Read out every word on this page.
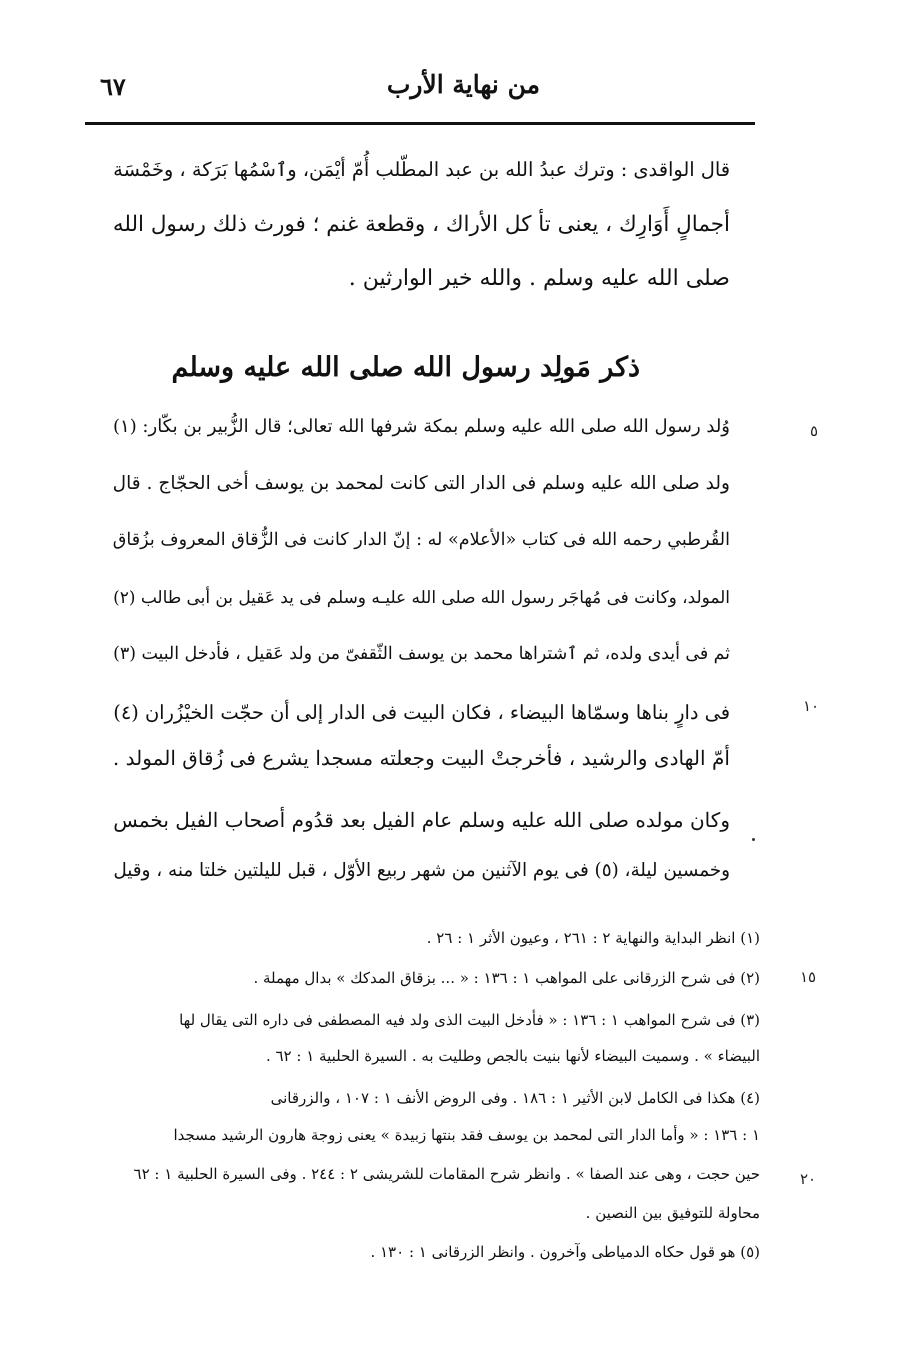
من نهاية الأرب
٦٧
قال الواقدى : وترك عبدُ الله بن عبد المطّلب أُمّ أيْمَن، وٱسْمُها بَرَكة ، وخَمْسَة
أجمالٍ أَوَارِك ، يعنى تأ كل الأراك ، وقطعة غنم ؛ فورث ذلك رسول الله
صلى الله عليه وسلم . والله خير الوارثين .
ذكر مَولِد رسول الله صلى الله عليه وسلم
وُلد رسول الله صلى الله عليه وسلم بمكة شرفها الله تعالى؛ قال الزُّبير بن بكّار: (١)
ولد صلى الله عليه وسلم فى الدار التى كانت لمحمد بن يوسف أخى الحجّاج . قال
القُرطبي رحمه الله فى كتاب «الأعلام» له : إنّ الدار كانت فى الزُّقاق المعروف بزُقاق
المولد، وكانت فى مُهاجَر رسول الله صلى الله عليـه وسلم فى يد عَقيل بن أبى طالب (٢)
ثم فى أيدى ولده، ثم ٱشتراها محمد بن يوسف الثّقفىّ من ولد عَقيل ، فأدخل البيت (٣)
فى دارٍ بناها وسمّاها البيضاء ، فكان البيت فى الدار إلى أن حجّت الخيْزُران (٤)
أمّ الهادى والرشيد ، فأخرجتْ البيت وجعلته مسجدا يشرع فى زُقاق المولد .
وكان مولده صلى الله عليه وسلم عام الفيل بعد قدُوم أصحاب الفيل بخمس
وخمسين ليلة، (٥) فى يوم الآثنين من شهر ربيع الأوّل ، قبل لليلتين خلتا منه ، وقيل
(١) انظر البداية والنهاية ٢ : ٢٦١ ، وعيون الأثر ١ : ٢٦ .
(٢) فى شرح الزرقانى على المواهب ١ : ١٣٦ : « ... بزقاق المدكك » بدال مهملة .
(٣) فى شرح المواهب ١ : ١٣٦ : « فأدخل البيت الذى ولد فيه المصطفى فى داره التى يقال لها
البيضاء » . وسميت البيضاء لأنها بنيت بالجص وطليت به . السيرة الحلبية ١ : ٦٢ .
(٤) هكذا فى الكامل لابن الأثير ١ : ١٨٦ . وفى الروض الأنف ١ : ١٠٧ ، والزرقانى
١ : ١٣٦ : « وأما الدار التى لمحمد بن يوسف فقد بنتها زبيدة » يعنى زوجة هارون الرشيد مسجدا
حين حجت ، وهى عند الصفا » . وانظر شرح المقامات للشريشى ٢ : ٢٤٤ . وفى السيرة الحلبية ١ : ٦٢
محاولة للتوفيق بين النصين .
(٥) هو قول حكاه الدمياطى وآخرون . وانظر الزرقانى ١ : ١٣٠ .
٥
١٠
١٥
٢٠
